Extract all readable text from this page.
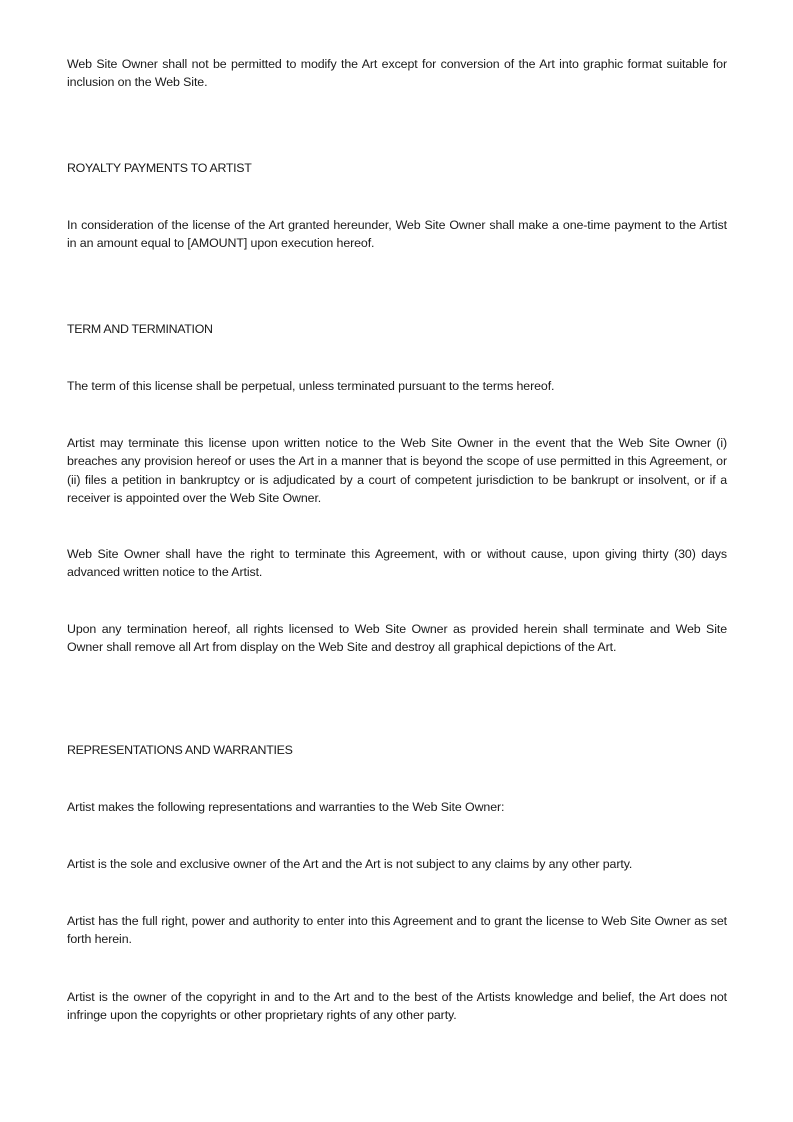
Web Site Owner shall not be permitted to modify the Art except for conversion of the Art into graphic format suitable for inclusion on the Web Site.

ROYALTY PAYMENTS TO ARTIST

In consideration of the license of the Art granted hereunder, Web Site Owner shall make a one-time payment to the Artist in an amount equal to [AMOUNT] upon execution hereof.

TERM AND TERMINATION

The term of this license shall be perpetual, unless terminated pursuant to the terms hereof.

Artist may terminate this license upon written notice to the Web Site Owner in the event that the Web Site Owner (i) breaches any provision hereof or uses the Art in a manner that is beyond the scope of use permitted in this Agreement, or (ii) files a petition in bankruptcy or is adjudicated by a court of competent jurisdiction to be bankrupt or insolvent, or if a receiver is appointed over the Web Site Owner.

Web Site Owner shall have the right to terminate this Agreement, with or without cause, upon giving thirty (30) days advanced written notice to the Artist.

Upon any termination hereof, all rights licensed to Web Site Owner as provided herein shall terminate and Web Site Owner shall remove all Art from display on the Web Site and destroy all graphical depictions of the Art.

REPRESENTATIONS AND WARRANTIES

Artist makes the following representations and warranties to the Web Site Owner:

Artist is the sole and exclusive owner of the Art and the Art is not subject to any claims by any other party.

Artist has the full right, power and authority to enter into this Agreement and to grant the license to Web Site Owner as set forth herein.

Artist is the owner of the copyright in and to the Art and to the best of the Artists knowledge and belief, the Art does not infringe upon the copyrights or other proprietary rights of any other party.
